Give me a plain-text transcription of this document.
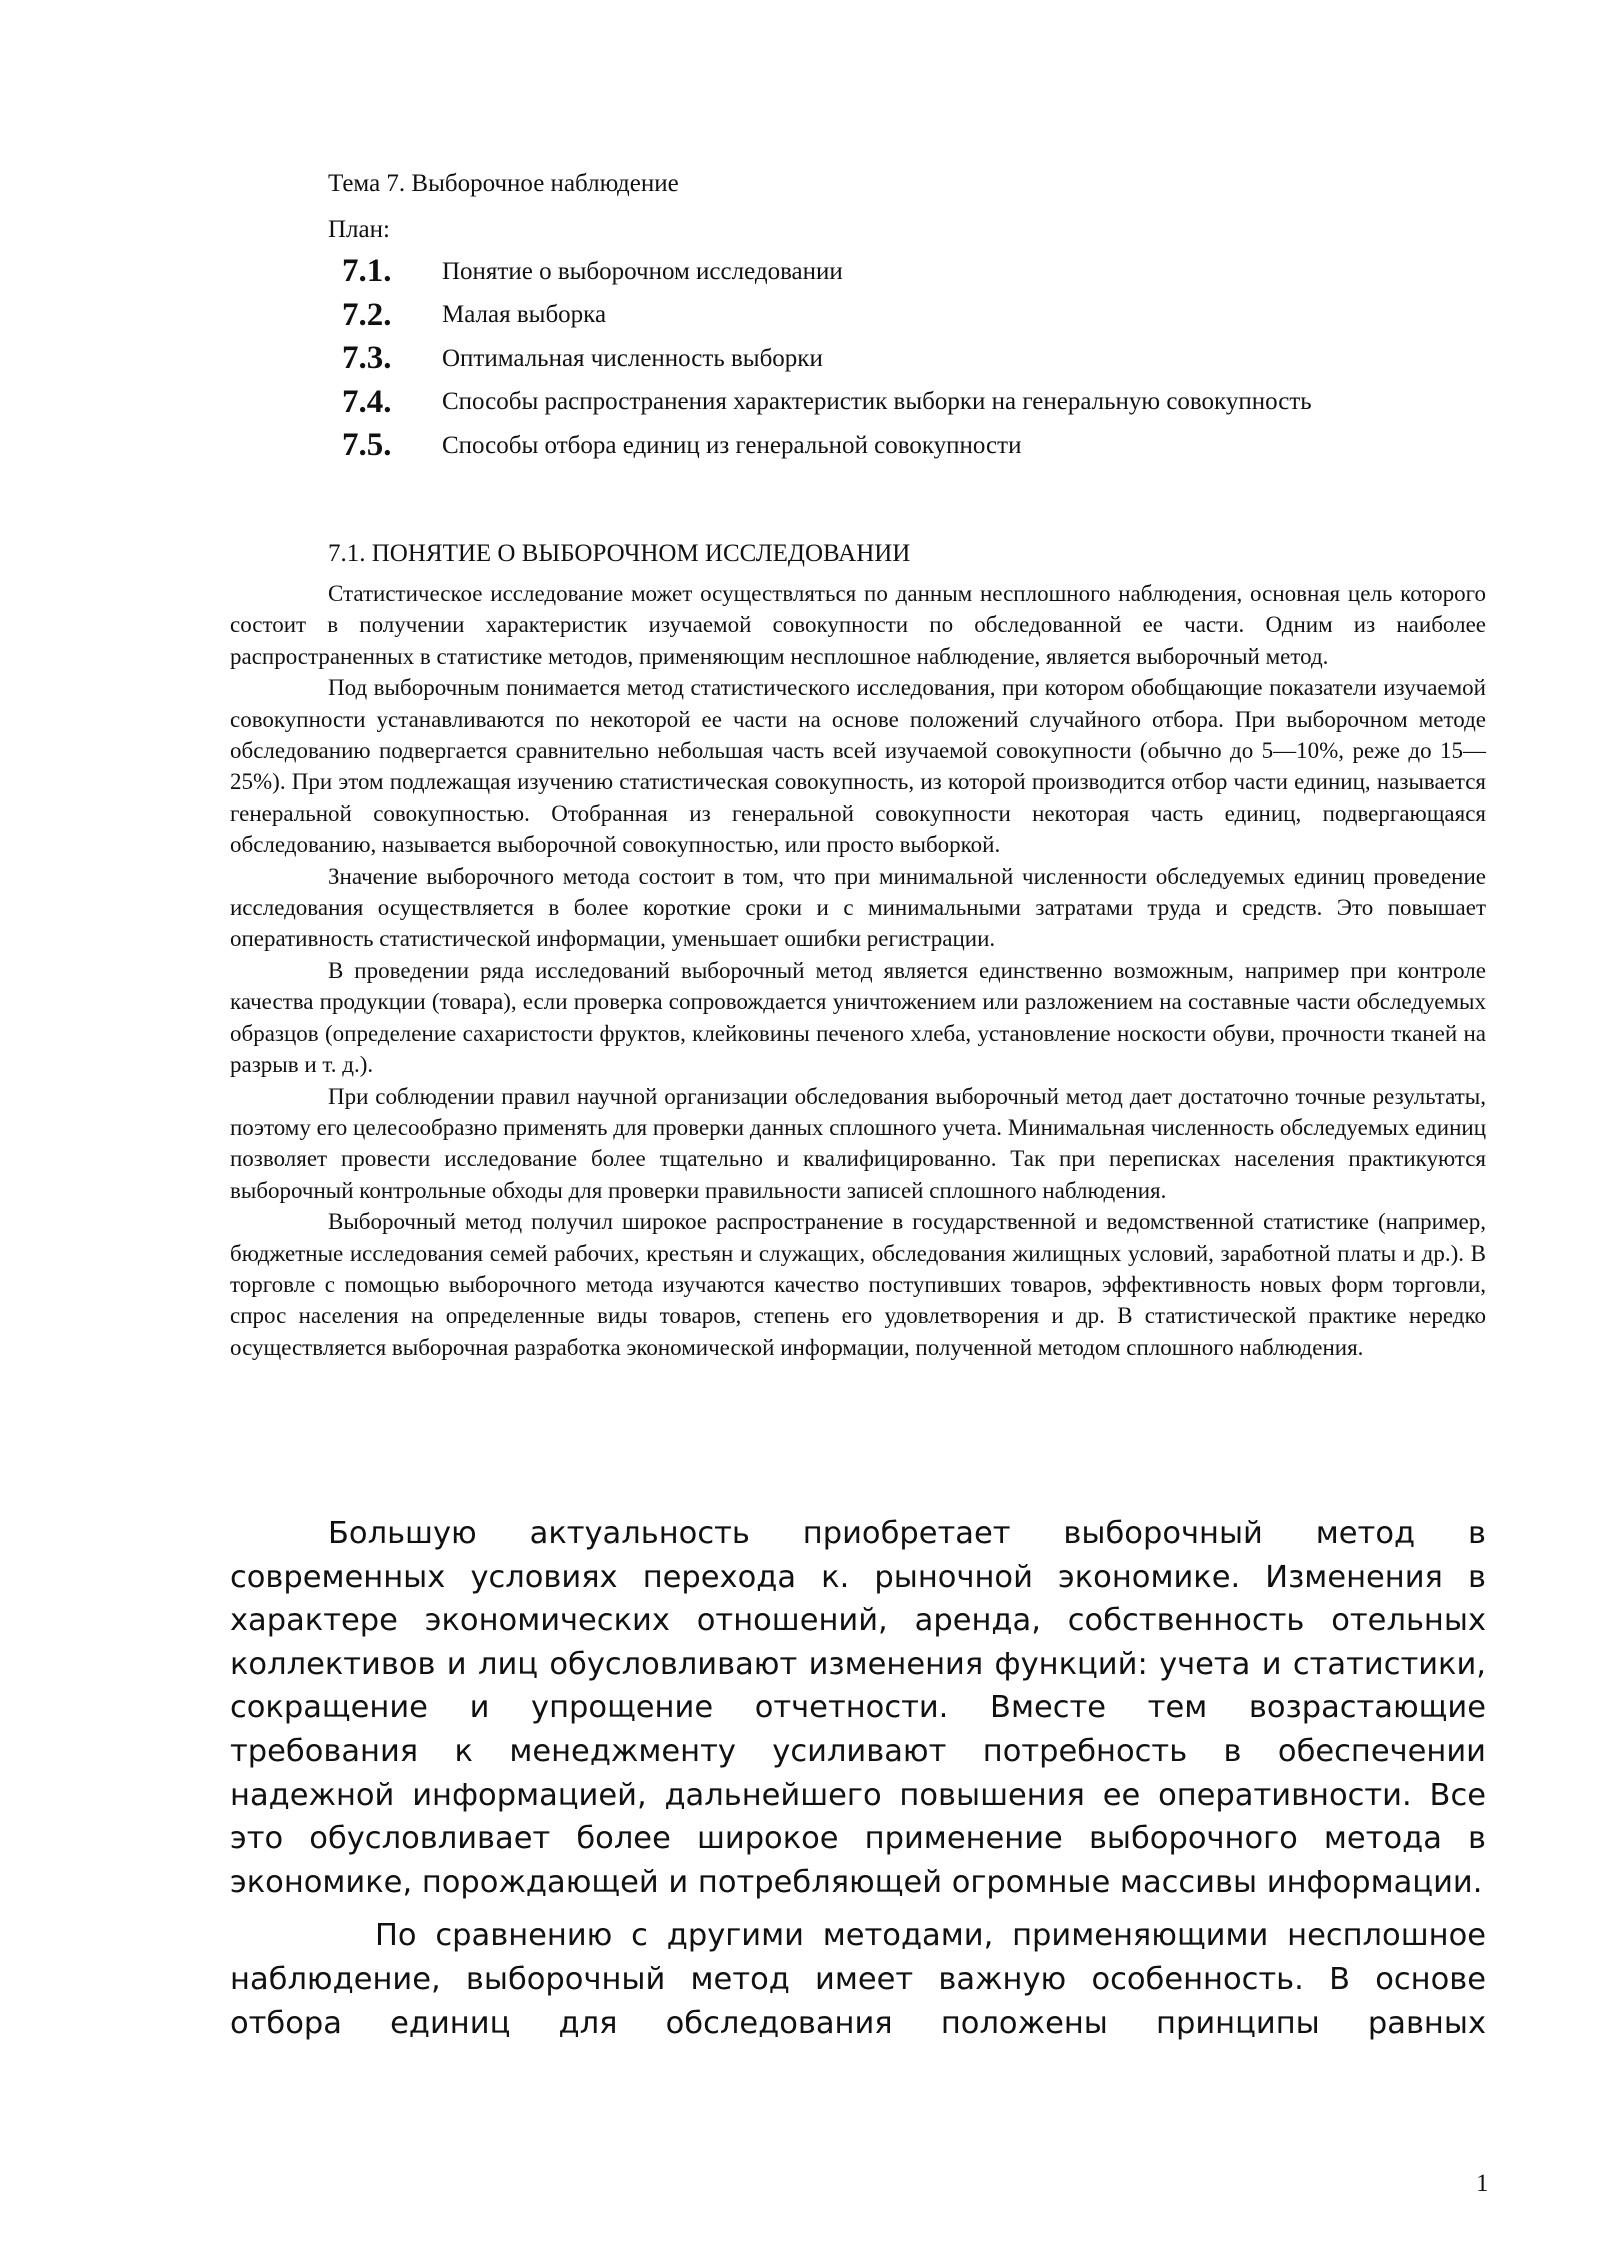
Тема 7. Выборочное наблюдение
План:
7.1.	Понятие о выборочном исследовании
7.2.	Малая выборка
7.3.	Оптимальная численность выборки
7.4.	Способы распространения характеристик выборки на генеральную совокупность
7.5.	Способы отбора единиц из генеральной совокупности
7.1. ПОНЯТИЕ О ВЫБОРОЧНОМ ИССЛЕДОВАНИИ

Статистическое исследование может осуществляться по данным несплошного наблюдения, основная цель которого состоит в получении характеристик изучаемой совокупности по обследованной ее части. Одним из наиболее распространенных в статистике методов, применяющим несплошное наблюдение, является выборочный метод.

Под выборочным понимается метод статистического исследования, при котором обобщающие показатели изучаемой совокупности устанавливаются по некоторой ее части на основе положений случайного отбора. При выборочном методе обследованию подвергается сравнительно небольшая часть всей изучаемой совокупности (обычно до 5—10%, реже до 15—25%). При этом подлежащая изучению статистическая совокупность, из которой производится отбор части единиц, называется генеральной совокупностью. Отобранная из генеральной совокупности некоторая часть единиц, подвергающаяся обследованию, называется выборочной совокупностью, или просто выборкой.

Значение выборочного метода состоит в том, что при минимальной численности обследуемых единиц проведение исследования осуществляется в более короткие сроки и с минимальными затратами труда и средств. Это повышает оперативность статистической информации, уменьшает ошибки регистрации.

В проведении ряда исследований выборочный метод является единственно возможным, например при контроле качества продукции (товара), если проверка сопровождается уничтожением или разложением на составные части обследуемых образцов (определение сахаристости фруктов, клейковины печеного хлеба, установление носкости обуви, прочности тканей на разрыв и т. д.).

При соблюдении правил научной организации обследования выборочный метод дает достаточно точные результаты, поэтому его целесообразно применять для проверки данных сплошного учета. Минимальная численность обследуемых единиц позволяет провести исследование более тщательно и квалифицированно. Так при переписках населения практикуются выборочный контрольные обходы для проверки правильности записей сплошного наблюдения.

Выборочный метод получил широкое распространение в государственной и ведомственной статистике (например, бюджетные исследования семей рабочих, крестьян и служащих, обследования жилищных условий, заработной платы и др.). В торговле с помощью выборочного метода изучаются качество поступивших товаров, эффективность новых форм торговли, спрос населения на определенные виды товаров, степень его удовлетворения и др. В статистической практике нередко осуществляется выборочная разработка экономической информации, полученной методом сплошного наблюдения.

Большую актуальность приобретает выборочный метод в современных условиях перехода к. рыночной экономике. Изменения в характере экономических отношений, аренда, собственность отельных коллективов и лиц обусловливают изменения функций: учета и статистики, сокращение и упрощение отчетности. Вместе тем возрастающие требования к менеджменту усиливают потребность в обеспечении надежной информацией, дальнейшего повышения ее оперативности. Все это обусловливает более широкое применение выборочного метода в экономике, порождающей и потребляющей огромные массивы информации.

По сравнению с другими методами, применяющими несплошное наблюдение, выборочный метод имеет важную особенность. В основе отбора единиц для обследования положены принципы равных

1
